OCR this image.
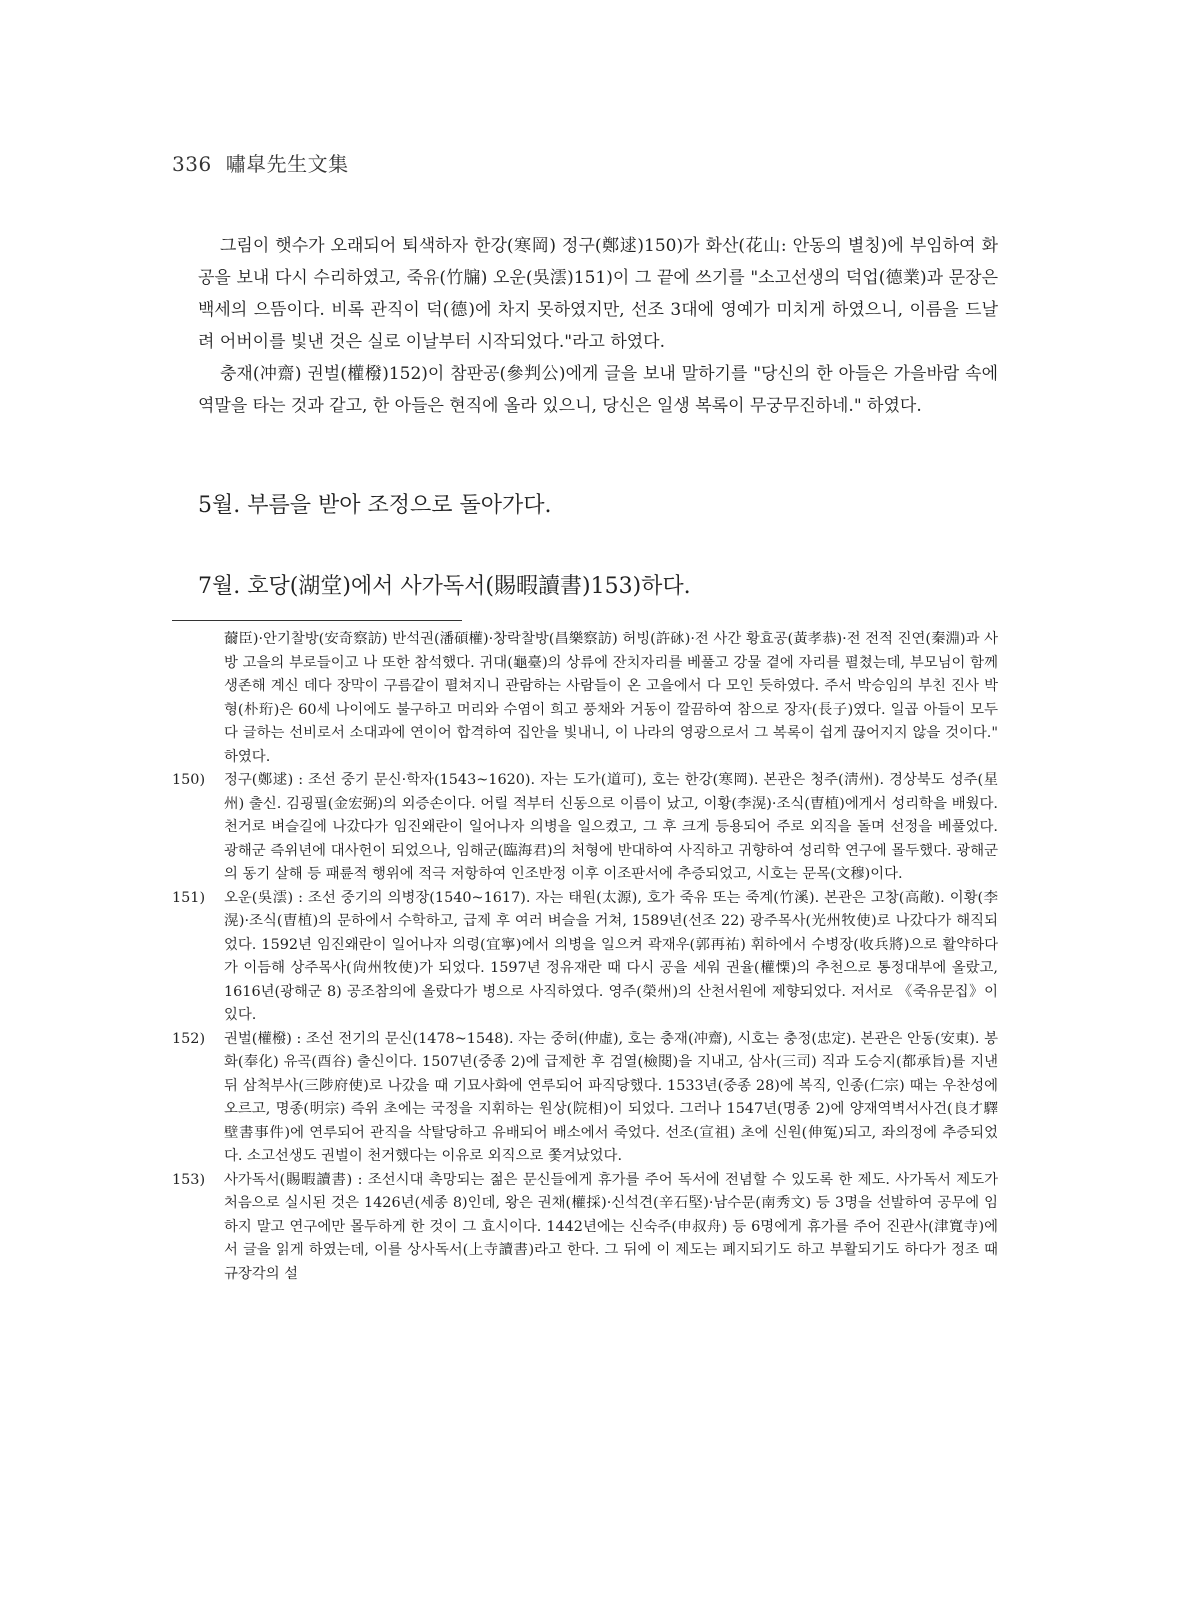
336 嘯皐先生文集

그림이 햇수가 오래되어 퇴색하자 한강(寒岡) 정구(鄭逑)150)가 화산(花山: 안동의 별칭)에 부임하여 화공을 보내 다시 수리하였고, 죽유(竹牖) 오운(吳澐)151)이 그 끝에 쓰기를 "소고선생의 덕업(德業)과 문장은 백세의 으뜸이다. 비록 관직이 덕(德)에 차지 못하였지만, 선조 3대에 영예가 미치게 하였으니, 이름을 드날려 어버이를 빛낸 것은 실로 이날부터 시작되었다."라고 하였다.

충재(冲齋) 권벌(權橃)152)이 참판공(參判公)에게 글을 보내 말하기를 "당신의 한 아들은 가을바람 속에 역말을 타는 것과 같고, 한 아들은 현직에 올라 있으니, 당신은 일생 복록이 무궁무진하네." 하였다.

5월. 부름을 받아 조정으로 돌아가다.
7월. 호당(湖堂)에서 사가독서(賜暇讀書)153)하다.

薾臣)·안기찰방(安奇察訪) 반석권(潘碩權)·창락찰방(昌樂察訪) 허빙(許砯)·전 사간 황효공(黃孝恭)·전 전적 진연(秦淵)과 사방 고을의 부로들이고 나 또한 참석했다. 귀대(龜臺)의 상류에 잔치자리를 베풀고 강물 곁에 자리를 펼쳤는데, 부모님이 함께 생존해 계신 데다 장막이 구름같이 펼쳐지니 관람하는 사람들이 온 고을에서 다 모인 듯하였다. 주서 박승임의 부친 진사 박형(朴珩)은 60세 나이에도 불구하고 머리와 수염이 희고 풍채와 거동이 깔끔하여 참으로 장자(長子)였다. 일곱 아들이 모두 다 글하는 선비로서 소대과에 연이어 합격하여 집안을 빛내니, 이 나라의 영광으로서 그 복록이 쉽게 끊어지지 않을 것이다." 하였다.

150)	정구(鄭逑) : 조선 중기 문신·학자(1543~1620). 자는 도가(道可), 호는 한강(寒岡). 본관은 청주(淸州). 경상북도 성주(星州) 출신. 김굉필(金宏弼)의 외증손이다. 어릴 적부터 신동으로 이름이 났고, 이황(李滉)·조식(曺植)에게서 성리학을 배웠다. 천거로 벼슬길에 나갔다가 임진왜란이 일어나자 의병을 일으켰고, 그 후 크게 등용되어 주로 외직을 돌며 선정을 베풀었다. 광해군 즉위년에 대사헌이 되었으나, 임해군(臨海君)의 처형에 반대하여 사직하고 귀향하여 성리학 연구에 몰두했다. 광해군의 동기 살해 등 패륜적 행위에 적극 저항하여 인조반정 이후 이조판서에 추증되었고, 시호는 문목(文穆)이다.
151)	오운(吳澐) : 조선 중기의 의병장(1540~1617). 자는 태원(太源), 호가 죽유 또는 죽계(竹溪). 본관은 고창(高敞). 이황(李滉)·조식(曺植)의 문하에서 수학하고, 급제 후 여러 벼슬을 거쳐, 1589년(선조 22) 광주목사(光州牧使)로 나갔다가 해직되었다. 1592년 임진왜란이 일어나자 의령(宜寧)에서 의병을 일으켜 곽재우(郭再祐) 휘하에서 수병장(收兵將)으로 활약하다가 이듬해 상주목사(尙州牧使)가 되었다. 1597년 정유재란 때 다시 공을 세워 권율(權慄)의 추천으로 통정대부에 올랐고, 1616년(광해군 8) 공조참의에 올랐다가 병으로 사직하였다. 영주(榮州)의 산천서원에 제향되었다. 저서로 《죽유문집》이 있다.
152)	권벌(權橃) : 조선 전기의 문신(1478~1548). 자는 중허(仲虛), 호는 충재(冲齋), 시호는 충정(忠定). 본관은 안동(安東). 봉화(奉化) 유곡(酉谷) 출신이다. 1507년(중종 2)에 급제한 후 검열(檢閱)을 지내고, 삼사(三司) 직과 도승지(都承旨)를 지낸 뒤 삼척부사(三陟府使)로 나갔을 때 기묘사화에 연루되어 파직당했다. 1533년(중종 28)에 복직, 인종(仁宗) 때는 우찬성에 오르고, 명종(明宗) 즉위 초에는 국정을 지휘하는 원상(院相)이 되었다. 그러나 1547년(명종 2)에 양재역벽서사건(良才驛壁書事件)에 연루되어 관직을 삭탈당하고 유배되어 배소에서 죽었다. 선조(宣祖) 초에 신원(伸冤)되고, 좌의정에 추증되었다. 소고선생도 권벌이 천거했다는 이유로 외직으로 쫓겨났었다.
153)	사가독서(賜暇讀書) : 조선시대 촉망되는 젊은 문신들에게 휴가를 주어 독서에 전념할 수 있도록 한 제도. 사가독서 제도가 처음으로 실시된 것은 1426년(세종 8)인데, 왕은 권채(權採)·신석견(辛石堅)·남수문(南秀文) 등 3명을 선발하여 공무에 임하지 말고 연구에만 몰두하게 한 것이 그 효시이다. 1442년에는 신숙주(申叔舟) 등 6명에게 휴가를 주어 진관사(津寬寺)에서 글을 읽게 하였는데, 이를 상사독서(上寺讀書)라고 한다. 그 뒤에 이 제도는 폐지되기도 하고 부활되기도 하다가 정조 때 규장각의 설
